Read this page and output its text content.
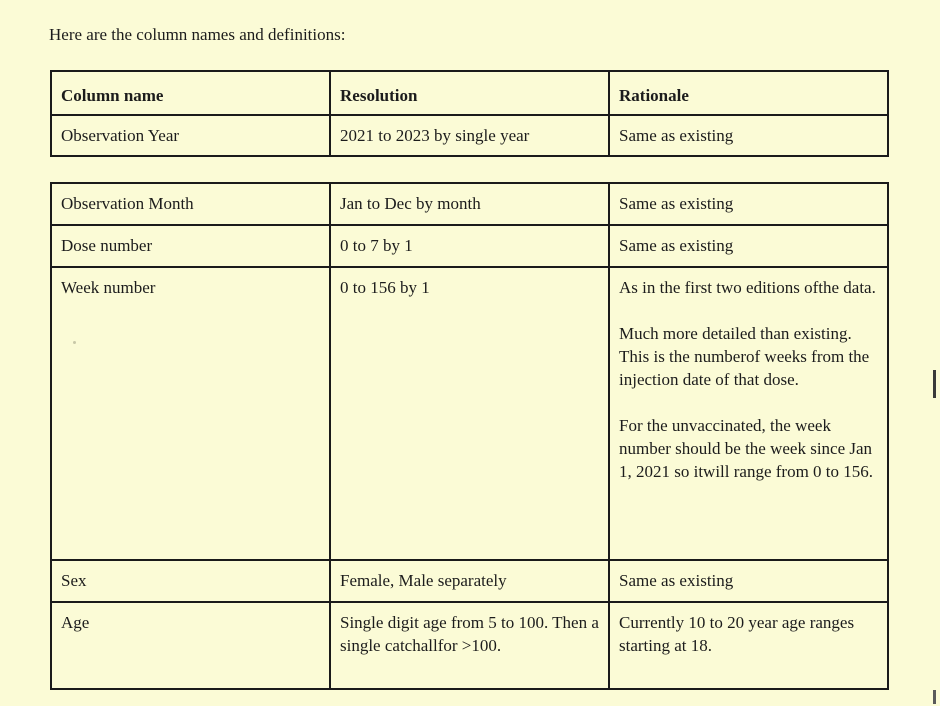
Here are the column names and definitions:
Column name	Resolution	Rationale
Observation Year	2021 to 2023 by single year	Same as existing
Observation Month	Jan to Dec by month	Same as existing
Dose number	0 to 7 by 1	Same as existing
Week number	0 to 156 by 1	As in the first two editions ofthe data.

Much more detailed than existing. This is the numberof weeks from the injection date of that dose.

For the unvaccinated, the week number should be the week since Jan 1, 2021 so itwill range from 0 to 156.

Sex	Female, Male separately	Same as existing
Age	Single digit age from 5 to 100. Then a single catchallfor >100.	Currently 10 to 20 year age ranges starting at 18.
